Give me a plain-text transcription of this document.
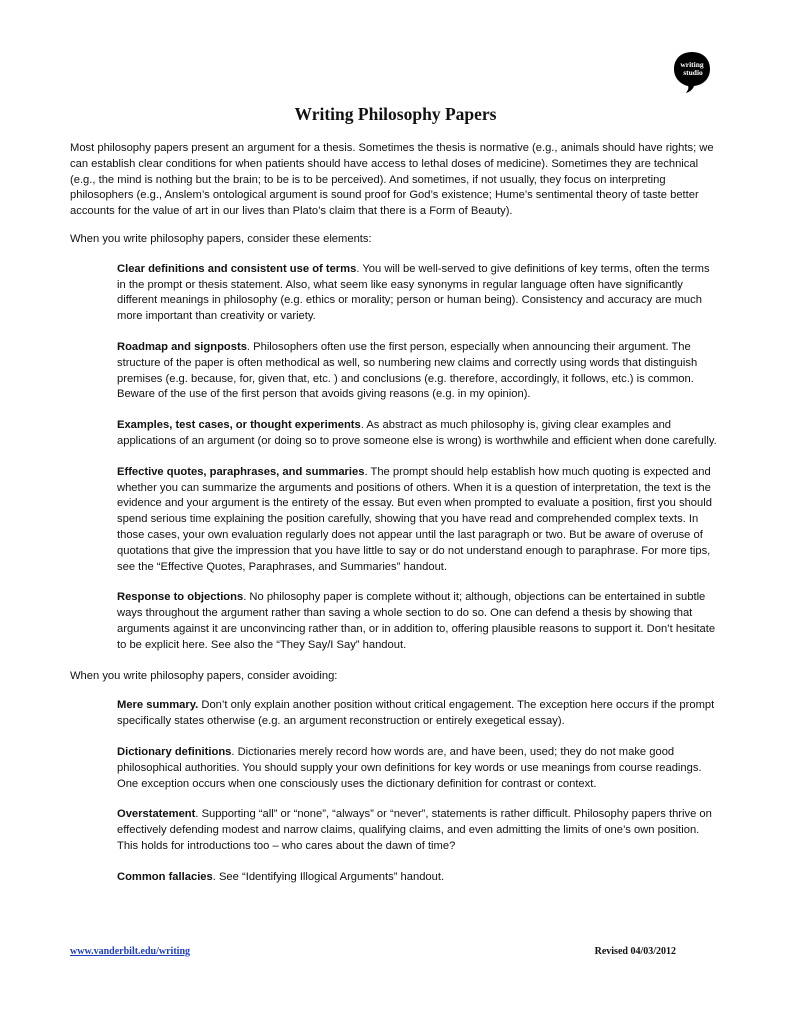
writing
studio
Writing Philosophy Papers

Most philosophy papers present an argument for a thesis. Sometimes the thesis is normative (e.g., animals should have rights; we can establish clear conditions for when patients should have access to lethal doses of medicine). Sometimes they are technical (e.g., the mind is nothing but the brain; to be is to be perceived). And sometimes, if not usually, they focus on interpreting philosophers (e.g., Anslem’s ontological argument is sound proof for God’s existence; Hume’s sentimental theory of taste better accounts for the value of art in our lives than Plato’s claim that there is a Form of Beauty).

When you write philosophy papers, consider these elements:

Clear definitions and consistent use of terms. You will be well-served to give definitions of key terms, often the terms in the prompt or thesis statement. Also, what seem like easy synonyms in regular language often have significantly different meanings in philosophy (e.g. ethics or morality; person or human being). Consistency and accuracy are much more important than creativity or variety.

Roadmap and signposts. Philosophers often use the first person, especially when announcing their argument. The structure of the paper is often methodical as well, so numbering new claims and correctly using words that distinguish premises (e.g. because, for, given that, etc. ) and conclusions (e.g. therefore, accordingly, it follows, etc.) is common. Beware of the use of the first person that avoids giving reasons (e.g. in my opinion).

Examples, test cases, or thought experiments. As abstract as much philosophy is, giving clear examples and applications of an argument (or doing so to prove someone else is wrong) is worthwhile and efficient when done carefully.

Effective quotes, paraphrases, and summaries. The prompt should help establish how much quoting is expected and whether you can summarize the arguments and positions of others. When it is a question of interpretation, the text is the evidence and your argument is the entirety of the essay. But even when prompted to evaluate a position, first you should spend serious time explaining the position carefully, showing that you have read and comprehended complex texts. In those cases, your own evaluation regularly does not appear until the last paragraph or two. But be aware of overuse of quotations that give the impression that you have little to say or do not understand enough to paraphrase. For more tips, see the “Effective Quotes, Paraphrases, and Summaries” handout.

Response to objections. No philosophy paper is complete without it; although, objections can be entertained in subtle ways throughout the argument rather than saving a whole section to do so. One can defend a thesis by showing that arguments against it are unconvincing rather than, or in addition to, offering plausible reasons to support it. Don’t hesitate to be explicit here. See also the “They Say/I Say” handout.

When you write philosophy papers, consider avoiding:

Mere summary. Don’t only explain another position without critical engagement. The exception here occurs if the prompt specifically states otherwise (e.g. an argument reconstruction or entirely exegetical essay).

Dictionary definitions. Dictionaries merely record how words are, and have been, used; they do not make good philosophical authorities. You should supply your own definitions for key words or use meanings from course readings. One exception occurs when one consciously uses the dictionary definition for contrast or context.

Overstatement. Supporting “all” or “none”, “always” or “never”, statements is rather difficult. Philosophy papers thrive on effectively defending modest and narrow claims, qualifying claims, and even admitting the limits of one’s own position. This holds for introductions too – who cares about the dawn of time?

Common fallacies. See “Identifying Illogical Arguments” handout.

www.vanderbilt.edu/writing	Revised 04/03/2012
